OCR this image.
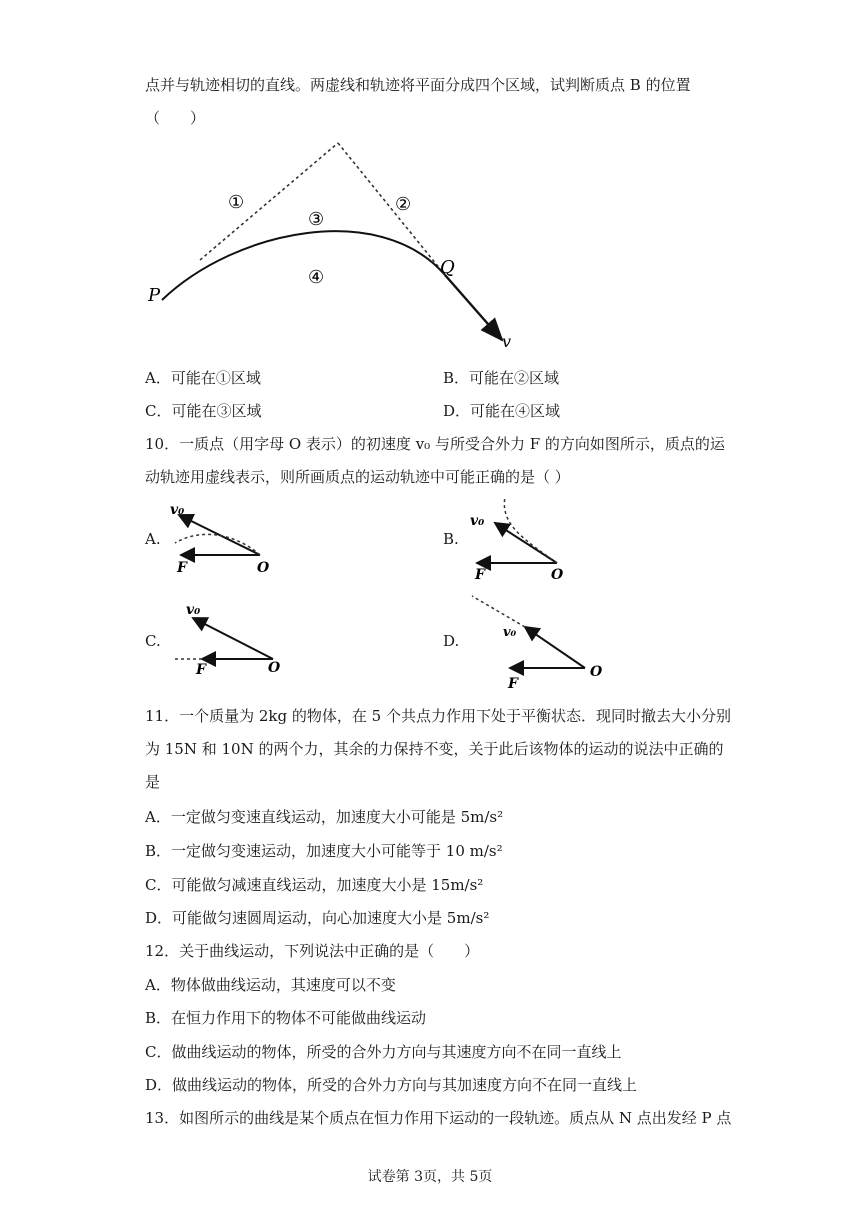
点并与轨迹相切的直线。两虚线和轨迹将平面分成四个区域，试判断质点 B 的位置
（　　）
①	②
③
④
P
Q
v
A．可能在①区域	B．可能在②区域
C．可能在③区域	D．可能在④区域
10．一质点（用字母 O 表示）的初速度 v₀ 与所受合外力 F 的方向如图所示，质点的运
动轨迹用虚线表示，则所画质点的运动轨迹中可能正确的是（ ）
A.
v₀
F	O
B.
v₀
F	O
C.
v₀
F	O
D.	v₀
F
O
11．一个质量为 2kg 的物体，在 5 个共点力作用下处于平衡状态．现同时撤去大小分别
为 15N 和 10N 的两个力，其余的力保持不变，关于此后该物体的运动的说法中正确的
是
A．一定做匀变速直线运动，加速度大小可能是 5m/s²
B．一定做匀变速运动，加速度大小可能等于 10 m/s²
C．可能做匀减速直线运动，加速度大小是 15m/s²
D．可能做匀速圆周运动，向心加速度大小是 5m/s²
12．关于曲线运动，下列说法中正确的是（　　）
A．物体做曲线运动，其速度可以不变
B．在恒力作用下的物体不可能做曲线运动
C．做曲线运动的物体，所受的合外力方向与其速度方向不在同一直线上
D．做曲线运动的物体，所受的合外力方向与其加速度方向不在同一直线上
13．如图所示的曲线是某个质点在恒力作用下运动的一段轨迹。质点从 N 点出发经 P 点
试卷第 3页，共 5页
